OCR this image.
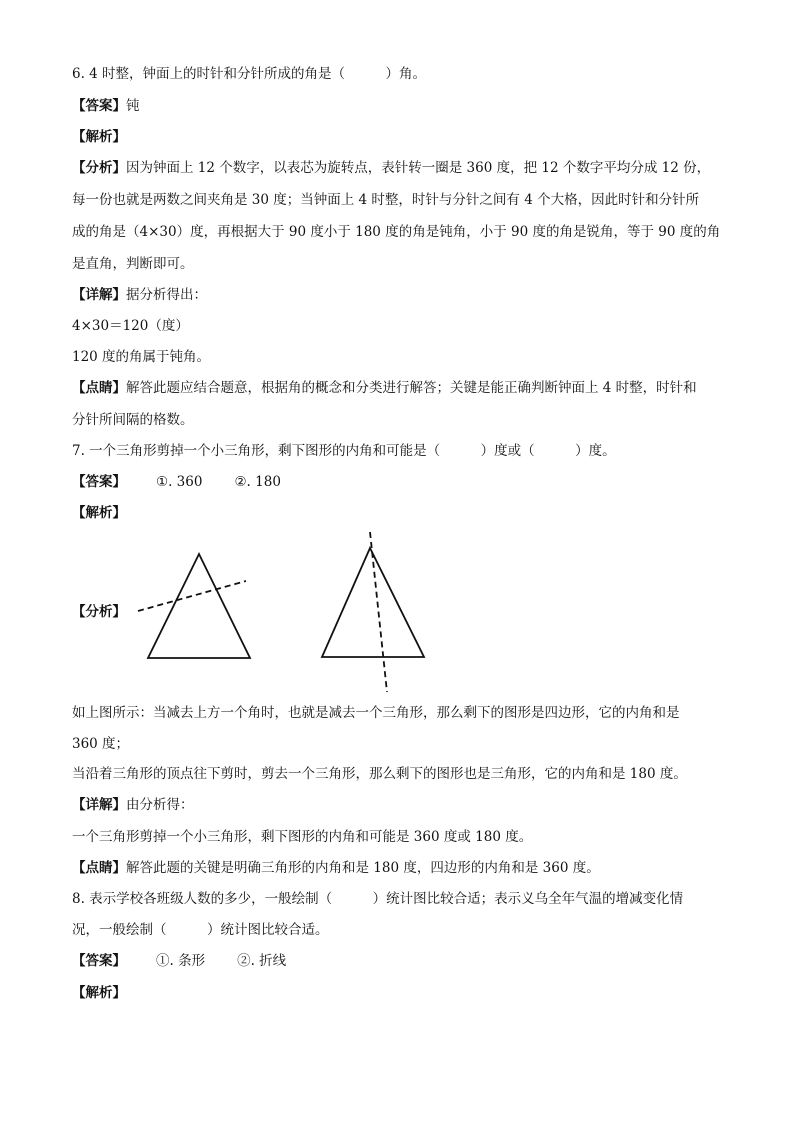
6. 4 时整，钟面上的时针和分针所成的角是（　　　）角。
【答案】钝
【解析】
【分析】因为钟面上 12 个数字，以表芯为旋转点，表针转一圈是 360 度，把 12 个数字平均分成 12 份，
每一份也就是两数之间夹角是 30 度；当钟面上 4 时整，时针与分针之间有 4 个大格，因此时针和分针所
成的角是（4×30）度，再根据大于 90 度小于 180 度的角是钝角，小于 90 度的角是锐角，等于 90 度的角
是直角，判断即可。
【详解】据分析得出：
4×30＝120（度）
120 度的角属于钝角。
【点睛】解答此题应结合题意，根据角的概念和分类进行解答；关键是能正确判断钟面上 4 时整，时针和
分针所间隔的格数。
7. 一个三角形剪掉一个小三角形，剩下图形的内角和可能是（　　　）度或（　　　）度。
【答案】 ①. 360 ②. 180
【解析】
【分析】
如上图所示：当减去上方一个角时，也就是减去一个三角形，那么剩下的图形是四边形，它的内角和是
360 度；
当沿着三角形的顶点往下剪时，剪去一个三角形，那么剩下的图形也是三角形，它的内角和是 180 度。
【详解】由分析得：
一个三角形剪掉一个小三角形，剩下图形的内角和可能是 360 度或 180 度。
【点睛】解答此题的关键是明确三角形的内角和是 180 度，四边形的内角和是 360 度。
8. 表示学校各班级人数的多少，一般绘制（　　　）统计图比较合适；表示义乌全年气温的增减变化情
况，一般绘制（　　　）统计图比较合适。
【答案】 ①. 条形 ②. 折线
【解析】
